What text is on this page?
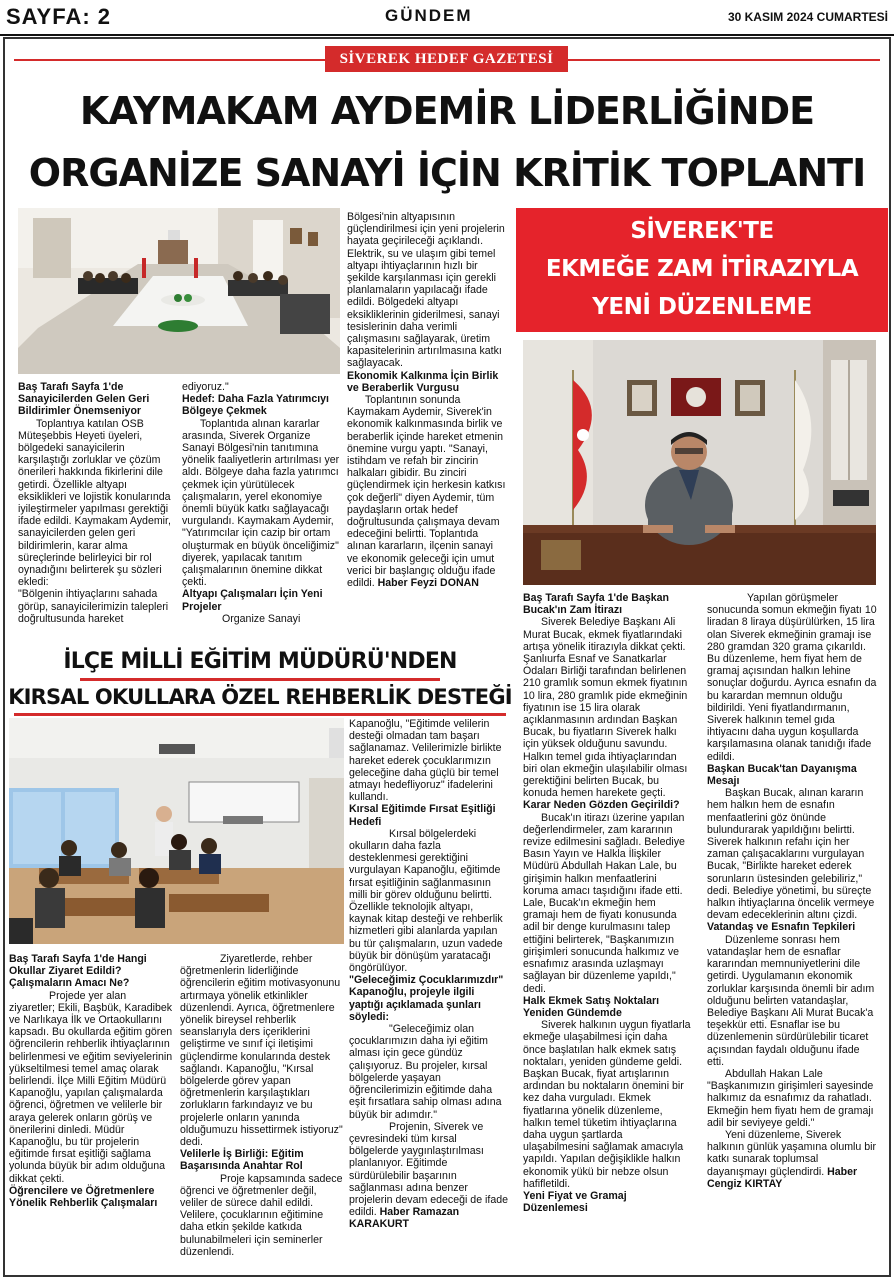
SAYFA: 2	GÜNDEM	30 KASIM 2024 CUMARTESİ
SİVEREK HEDEF GAZETESİ
KAYMAKAM AYDEMİR LİDERLİĞİNDE
ORGANİZE SANAYİ İÇİN KRİTİK TOPLANTI

Baş Tarafı Sayfa 1'de Sanayicilerden Gelen Geri Bildirimler Önemseniyor

Toplantıya katılan OSB Müteşebbis Heyeti üyeleri, bölgedeki sanayicilerin karşılaştığı zorluklar ve çözüm önerileri hakkında fikirlerini dile getirdi. Özellikle altyapı eksiklikleri ve lojistik konularında iyileştirmeler yapılması gerektiği ifade edildi. Kaymakam Aydemir, sanayicilerden gelen geri bildirimlerin, karar alma süreçlerinde belirleyici bir rol oynadığını belirterek şu sözleri ekledi:

"Bölgenin ihtiyaçlarını sahada görüp, sanayicilerimizin talepleri doğrultusunda hareket

ediyoruz."

Hedef: Daha Fazla Yatırımcıyı Bölgeye Çekmek

Toplantıda alınan kararlar arasında, Siverek Organize Sanayi Bölgesi'nin tanıtımına yönelik faaliyetlerin artırılması yer aldı. Bölgeye daha fazla yatırımcı çekmek için yürütülecek çalışmaların, yerel ekonomiye önemli büyük katkı sağlayacağı vurgulandı. Kaymakam Aydemir, "Yatırımcılar için cazip bir ortam oluşturmak en büyük önceliğimiz" diyerek, yapılacak tanıtım çalışmalarının önemine dikkat çekti.

Altyapı Çalışmaları İçin Yeni Projeler

Organize Sanayi

Bölgesi'nin altyapısının güçlendirilmesi için yeni projelerin hayata geçirileceği açıklandı. Elektrik, su ve ulaşım gibi temel altyapı ihtiyaçlarının hızlı bir şekilde karşılanması için gerekli planlamaların yapılacağı ifade edildi. Bölgedeki altyapı eksikliklerinin giderilmesi, sanayi tesislerinin daha verimli çalışmasını sağlayarak, üretim kapasitelerinin artırılmasına katkı sağlayacak.

Ekonomik Kalkınma İçin Birlik ve Beraberlik Vurgusu

Toplantının sonunda Kaymakam Aydemir, Siverek'in ekonomik kalkınmasında birlik ve beraberlik içinde hareket etmenin önemine vurgu yaptı. "Sanayi, istihdam ve refah bir zincirin halkaları gibidir. Bu zinciri güçlendirmek için herkesin katkısı çok değerli" diyen Aydemir, tüm paydaşların ortak hedef doğrultusunda çalışmaya devam edeceğini belirtti. Toplantıda alınan kararların, ilçenin sanayi ve ekonomik geleceği için umut verici bir başlangıç olduğu ifade edildi. Haber Feyzi DONAN

SİVEREK'TE
EKMEĞE ZAM İTİRAZIYLA
YENİ DÜZENLEME

Baş Tarafı Sayfa 1'de Başkan Bucak'ın Zam İtirazı

Siverek Belediye Başkanı Ali Murat Bucak, ekmek fiyatlarındaki artışa yönelik itirazıyla dikkat çekti. Şanlıurfa Esnaf ve Sanatkarlar Odaları Birliği tarafından belirlenen 210 gramlık somun ekmek fiyatının 10 lira, 280 gramlık pide ekmeğinin fiyatının ise 15 lira olarak açıklanmasının ardından Başkan Bucak, bu fiyatların Siverek halkı için yüksek olduğunu savundu. Halkın temel gıda ihtiyaçlarından biri olan ekmeğin ulaşılabilir olması gerektiğini belirten Bucak, bu konuda hemen harekete geçti.

Karar Neden Gözden Geçirildi?

Bucak'ın itirazı üzerine yapılan değerlendirmeler, zam kararının revize edilmesini sağladı. Belediye Basın Yayın ve Halkla İlişkiler Müdürü Abdullah Hakan Lale, bu girişimin halkın menfaatlerini koruma amacı taşıdığını ifade etti. Lale, Bucak'ın ekmeğin hem gramajı hem de fiyatı konusunda adil bir denge kurulmasını talep ettiğini belirterek, "Başkanımızın girişimleri sonucunda halkımız ve esnafımız arasında uzlaşmayı sağlayan bir düzenleme yapıldı," dedi.

Halk Ekmek Satış Noktaları Yeniden Gündemde

Siverek halkının uygun fiyatlarla ekmeğe ulaşabilmesi için daha önce başlatılan halk ekmek satış noktaları, yeniden gündeme geldi. Başkan Bucak, fiyat artışlarının ardından bu noktaların önemini bir kez daha vurguladı. Ekmek fiyatlarına yönelik düzenleme, halkın temel tüketim ihtiyaçlarına daha uygun şartlarda ulaşabilmesini sağlamak amacıyla yapıldı. Yapılan değişiklikle halkın ekonomik yükü bir nebze olsun hafifletildi.

Yeni Fiyat ve Gramaj Düzenlemesi

Yapılan görüşmeler sonucunda somun ekmeğin fiyatı 10 liradan 8 liraya düşürülürken, 15 lira olan Siverek ekmeğinin gramajı ise 280 gramdan 320 grama çıkarıldı. Bu düzenleme, hem fiyat hem de gramaj açısından halkın lehine sonuçlar doğurdu. Ayrıca esnafın da bu karardan memnun olduğu bildirildi. Yeni fiyatlandırmanın, Siverek halkının temel gıda ihtiyacını daha uygun koşullarda karşılamasına olanak tanıdığı ifade edildi.

Başkan Bucak'tan Dayanışma Mesajı

Başkan Bucak, alınan kararın hem halkın hem de esnafın menfaatlerini göz önünde bulundurarak yapıldığını belirtti. Siverek halkının refahı için her zaman çalışacaklarını vurgulayan Bucak, "Birlikte hareket ederek sorunların üstesinden gelebiliriz," dedi. Belediye yönetimi, bu süreçte halkın ihtiyaçlarına öncelik vermeye devam edeceklerinin altını çizdi.

Vatandaş ve Esnafın Tepkileri

Düzenleme sonrası hem vatandaşlar hem de esnaflar kararından memnuniyetlerini dile getirdi. Uygulamanın ekonomik zorluklar karşısında önemli bir adım olduğunu belirten vatandaşlar, Belediye Başkanı Ali Murat Bucak'a teşekkür etti. Esnaflar ise bu düzenlemenin sürdürülebilir ticaret açısından faydalı olduğunu ifade etti.

Abdullah Hakan Lale "Başkanımızın girişimleri sayesinde halkımız da esnafımız da rahatladı. Ekmeğin hem fiyatı hem de gramajı adil bir seviyeye geldi."

Yeni düzenleme, Siverek halkının günlük yaşamına olumlu bir katkı sunarak toplumsal dayanışmayı güçlendirdi. Haber Cengiz KIRTAY

İLÇE MİLLİ EĞİTİM MÜDÜRÜ'NDEN
KIRSAL OKULLARA ÖZEL REHBERLİK DESTEĞİ

Baş Tarafı Sayfa 1'de Hangi Okullar Ziyaret Edildi? Çalışmaların Amacı Ne?

Projede yer alan ziyaretler; Ekili, Başbük, Karadibek ve Narlıkaya İlk ve Ortaokullarını kapsadı. Bu okullarda eğitim gören öğrencilerin rehberlik ihtiyaçlarının belirlenmesi ve eğitim seviyelerinin yükseltilmesi temel amaç olarak belirlendi. İlçe Milli Eğitim Müdürü Kapanoğlu, yapılan çalışmalarda öğrenci, öğretmen ve velilerle bir araya gelerek onların görüş ve önerilerini dinledi. Müdür Kapanoğlu, bu tür projelerin eğitimde fırsat eşitliği sağlama yolunda büyük bir adım olduğuna dikkat çekti.

Öğrencilere ve Öğretmenlere Yönelik Rehberlik Çalışmaları

Ziyaretlerde, rehber öğretmenlerin liderliğinde öğrencilerin eğitim motivasyonunu artırmaya yönelik etkinlikler düzenlendi. Ayrıca, öğretmenlere yönelik bireysel rehberlik seanslarıyla ders içeriklerini geliştirme ve sınıf içi iletişimi güçlendirme konularında destek sağlandı. Kapanoğlu, "Kırsal bölgelerde görev yapan öğretmenlerin karşılaştıkları zorlukların farkındayız ve bu projelerle onların yanında olduğumuzu hissettirmek istiyoruz" dedi.

Velilerle İş Birliği: Eğitim Başarısında Anahtar Rol

Proje kapsamında sadece öğrenci ve öğretmenler değil, veliler de sürece dahil edildi. Velilere, çocuklarının eğitimine daha etkin şekilde katkıda bulunabilmeleri için seminerler düzenlendi.

Kapanoğlu, "Eğitimde velilerin desteği olmadan tam başarı sağlanamaz. Velilerimizle birlikte hareket ederek çocuklarımızın geleceğine daha güçlü bir temel atmayı hedefliyoruz" ifadelerini kullandı.

Kırsal Eğitimde Fırsat Eşitliği Hedefi

Kırsal bölgelerdeki okulların daha fazla desteklenmesi gerektiğini vurgulayan Kapanoğlu, eğitimde fırsat eşitliğinin sağlanmasının milli bir görev olduğunu belirtti. Özellikle teknolojik altyapı, kaynak kitap desteği ve rehberlik hizmetleri gibi alanlarda yapılan bu tür çalışmaların, uzun vadede büyük bir dönüşüm yaratacağı öngörülüyor.

"Geleceğimiz Çocuklarımızdır" Kapanoğlu, projeyle ilgili yaptığı açıklamada şunları söyledi:

"Geleceğimiz olan çocuklarımızın daha iyi eğitim alması için gece gündüz çalışıyoruz. Bu projeler, kırsal bölgelerde yaşayan öğrencilerimizin eğitimde daha eşit fırsatlara sahip olması adına büyük bir adımdır."

Projenin, Siverek ve çevresindeki tüm kırsal bölgelerde yaygınlaştırılması planlanıyor. Eğitimde sürdürülebilir başarının sağlanması adına benzer projelerin devam edeceği de ifade edildi. Haber Ramazan KARAKURT
